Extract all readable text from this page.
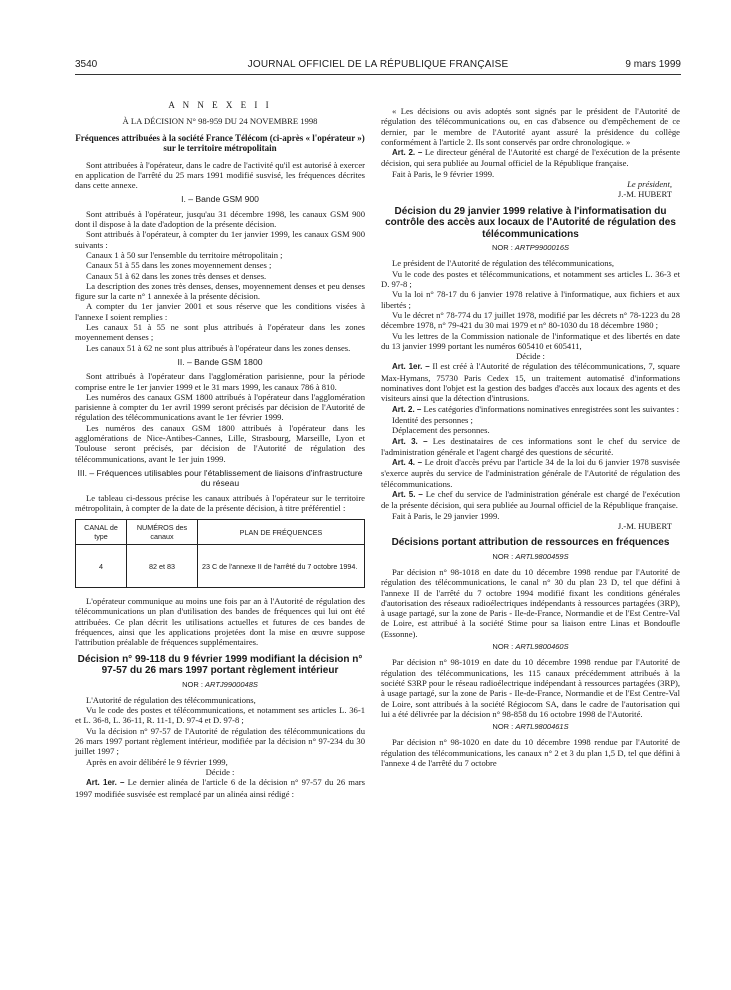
3540	JOURNAL OFFICIEL DE LA RÉPUBLIQUE FRANÇAISE	9 mars 1999
A N N E X E I I

À LA DÉCISION N° 98-959 DU 24 NOVEMBRE 1998

Fréquences attribuées à la société France Télécom (ci-après « l'opérateur ») sur le territoire métropolitain

Sont attribuées à l'opérateur, dans le cadre de l'activité qu'il est autorisé à exercer en application de l'arrêté du 25 mars 1991 modifié susvisé, les fréquences décrites dans cette annexe.

I. – Bande GSM 900

Sont attribués à l'opérateur, jusqu'au 31 décembre 1998, les canaux GSM 900 dont il dispose à la date d'adoption de la présente décision.

Sont attribués à l'opérateur, à compter du 1er janvier 1999, les canaux GSM 900 suivants :

Canaux 1 à 50 sur l'ensemble du territoire métropolitain ;

Canaux 51 à 55 dans les zones moyennement denses ;

Canaux 51 à 62 dans les zones très denses et denses.

La description des zones très denses, denses, moyennement denses et peu denses figure sur la carte n° 1 annexée à la présente décision.

A compter du 1er janvier 2001 et sous réserve que les conditions visées à l'annexe I soient remplies :

Les canaux 51 à 55 ne sont plus attribués à l'opérateur dans les zones moyennement denses ;

Les canaux 51 à 62 ne sont plus attribués à l'opérateur dans les zones denses.

II. – Bande GSM 1800

Sont attribués à l'opérateur dans l'agglomération parisienne, pour la période comprise entre le 1er janvier 1999 et le 31 mars 1999, les canaux 786 à 810.

Les numéros des canaux GSM 1800 attribués à l'opérateur dans l'agglomération parisienne à compter du 1er avril 1999 seront précisés par décision de l'Autorité de régulation des télécommunications avant le 1er février 1999.

Les numéros des canaux GSM 1800 attribués à l'opérateur dans les agglomérations de Nice-Antibes-Cannes, Lille, Strasbourg, Marseille, Lyon et Toulouse seront précisés, par décision de l'Autorité de régulation des télécommunications, avant le 1er juin 1999.

III. – Fréquences utilisables pour l'établissement de liaisons d'infrastructure du réseau

Le tableau ci-dessous précise les canaux attribués à l'opérateur sur le territoire métropolitain, à compter de la date de la présente décision, à titre préférentiel :

CANAL de type	NUMÉROS des canaux	PLAN DE FRÉQUENCES
4	82 et 83	23 C de l'annexe II de l'arrêté du 7 octobre 1994.

L'opérateur communique au moins une fois par an à l'Autorité de régulation des télécommunications un plan d'utilisation des bandes de fréquences qui lui ont été attribuées. Ce plan décrit les utilisations actuelles et futures de ces bandes de fréquences, ainsi que les applications projetées dont la mise en œuvre suppose l'attribution préalable de fréquences supplémentaires.

Décision n° 99-118 du 9 février 1999 modifiant la décision n° 97-57 du 26 mars 1997 portant règlement intérieur
NOR : ARTJ9900048S

L'Autorité de régulation des télécommunications,

Vu le code des postes et télécommunications, et notamment ses articles L. 36-1 et L. 36-8, L. 36-11, R. 11-1, D. 97-4 et D. 97-8 ;

Vu la décision n° 97-57 de l'Autorité de régulation des télécommunications du 26 mars 1997 portant règlement intérieur, modifiée par la décision n° 97-234 du 30 juillet 1997 ;

Après en avoir délibéré le 9 février 1999,

Décide :

Art. 1er. – Le dernier alinéa de l'article 6 de la décision n° 97-57 du 26 mars 1997 modifiée susvisée est remplacé par un alinéa ainsi rédigé :

« Les décisions ou avis adoptés sont signés par le président de l'Autorité de régulation des télécommunications ou, en cas d'absence ou d'empêchement de ce dernier, par le membre de l'Autorité ayant assuré la présidence du collège conformément à l'article 2. Ils sont conservés par ordre chronologique. »

Art. 2. – Le directeur général de l'Autorité est chargé de l'exécution de la présente décision, qui sera publiée au Journal officiel de la République française.

Fait à Paris, le 9 février 1999.

Le président,

J.-M. HUBERT

Décision du 29 janvier 1999 relative à l'informatisation du contrôle des accès aux locaux de l'Autorité de régulation des télécommunications
NOR : ARTP9900016S

Le président de l'Autorité de régulation des télécommunications,

Vu le code des postes et télécommunications, et notamment ses articles L. 36-3 et D. 97-8 ;

Vu la loi n° 78-17 du 6 janvier 1978 relative à l'informatique, aux fichiers et aux libertés ;

Vu le décret n° 78-774 du 17 juillet 1978, modifié par les décrets n° 78-1223 du 28 décembre 1978, n° 79-421 du 30 mai 1979 et n° 80-1030 du 18 décembre 1980 ;

Vu les lettres de la Commission nationale de l'informatique et des libertés en date du 13 janvier 1999 portant les numéros 605410 et 605411,

Décide :

Art. 1er. – Il est créé à l'Autorité de régulation des télécommunications, 7, square Max-Hymans, 75730 Paris Cedex 15, un traitement automatisé d'informations nominatives dont l'objet est la gestion des badges d'accès aux locaux des agents et des visiteurs ainsi que la détection d'intrusions.

Art. 2. – Les catégories d'informations nominatives enregistrées sont les suivantes :

Identité des personnes ;

Déplacement des personnes.

Art. 3. – Les destinataires de ces informations sont le chef du service de l'administration générale et l'agent chargé des questions de sécurité.

Art. 4. – Le droit d'accès prévu par l'article 34 de la loi du 6 janvier 1978 susvisée s'exerce auprès du service de l'administration générale de l'Autorité de régulation des télécommunications.

Art. 5. – Le chef du service de l'administration générale est chargé de l'exécution de la présente décision, qui sera publiée au Journal officiel de la République française.

Fait à Paris, le 29 janvier 1999.

J.-M. HUBERT

Décisions portant attribution de ressources en fréquences
NOR : ARTL9800459S

Par décision n° 98-1018 en date du 10 décembre 1998 rendue par l'Autorité de régulation des télécommunications, le canal n° 30 du plan 23 D, tel que défini à l'annexe II de l'arrêté du 7 octobre 1994 modifié fixant les conditions générales d'autorisation des réseaux radioélectriques indépendants à ressources partagées (3RP), à usage partagé, sur la zone de Paris - Ile-de-France, Normandie et de l'Est Centre-Val de Loire, est attribué à la société Stime pour sa liaison entre Linas et Bondoufle (Essonne).

NOR : ARTL9800460S

Par décision n° 98-1019 en date du 10 décembre 1998 rendue par l'Autorité de régulation des télécommunications, les 115 canaux précédemment attribués à la société S3RP pour le réseau radioélectrique indépendant à ressources partagées (3RP), à usage partagé, sur la zone de Paris - Ile-de-France, Normandie et de l'Est Centre-Val de Loire, sont attribués à la société Régiocom SA, dans le cadre de l'autorisation qui lui a été délivrée par la décision n° 98-858 du 16 octobre 1998 de l'Autorité.

NOR : ARTL9800461S

Par décision n° 98-1020 en date du 10 décembre 1998 rendue par l'Autorité de régulation des télécommunications, les canaux n° 2 et 3 du plan 1,5 D, tel que défini à l'annexe 4 de l'arrêté du 7 octobre
